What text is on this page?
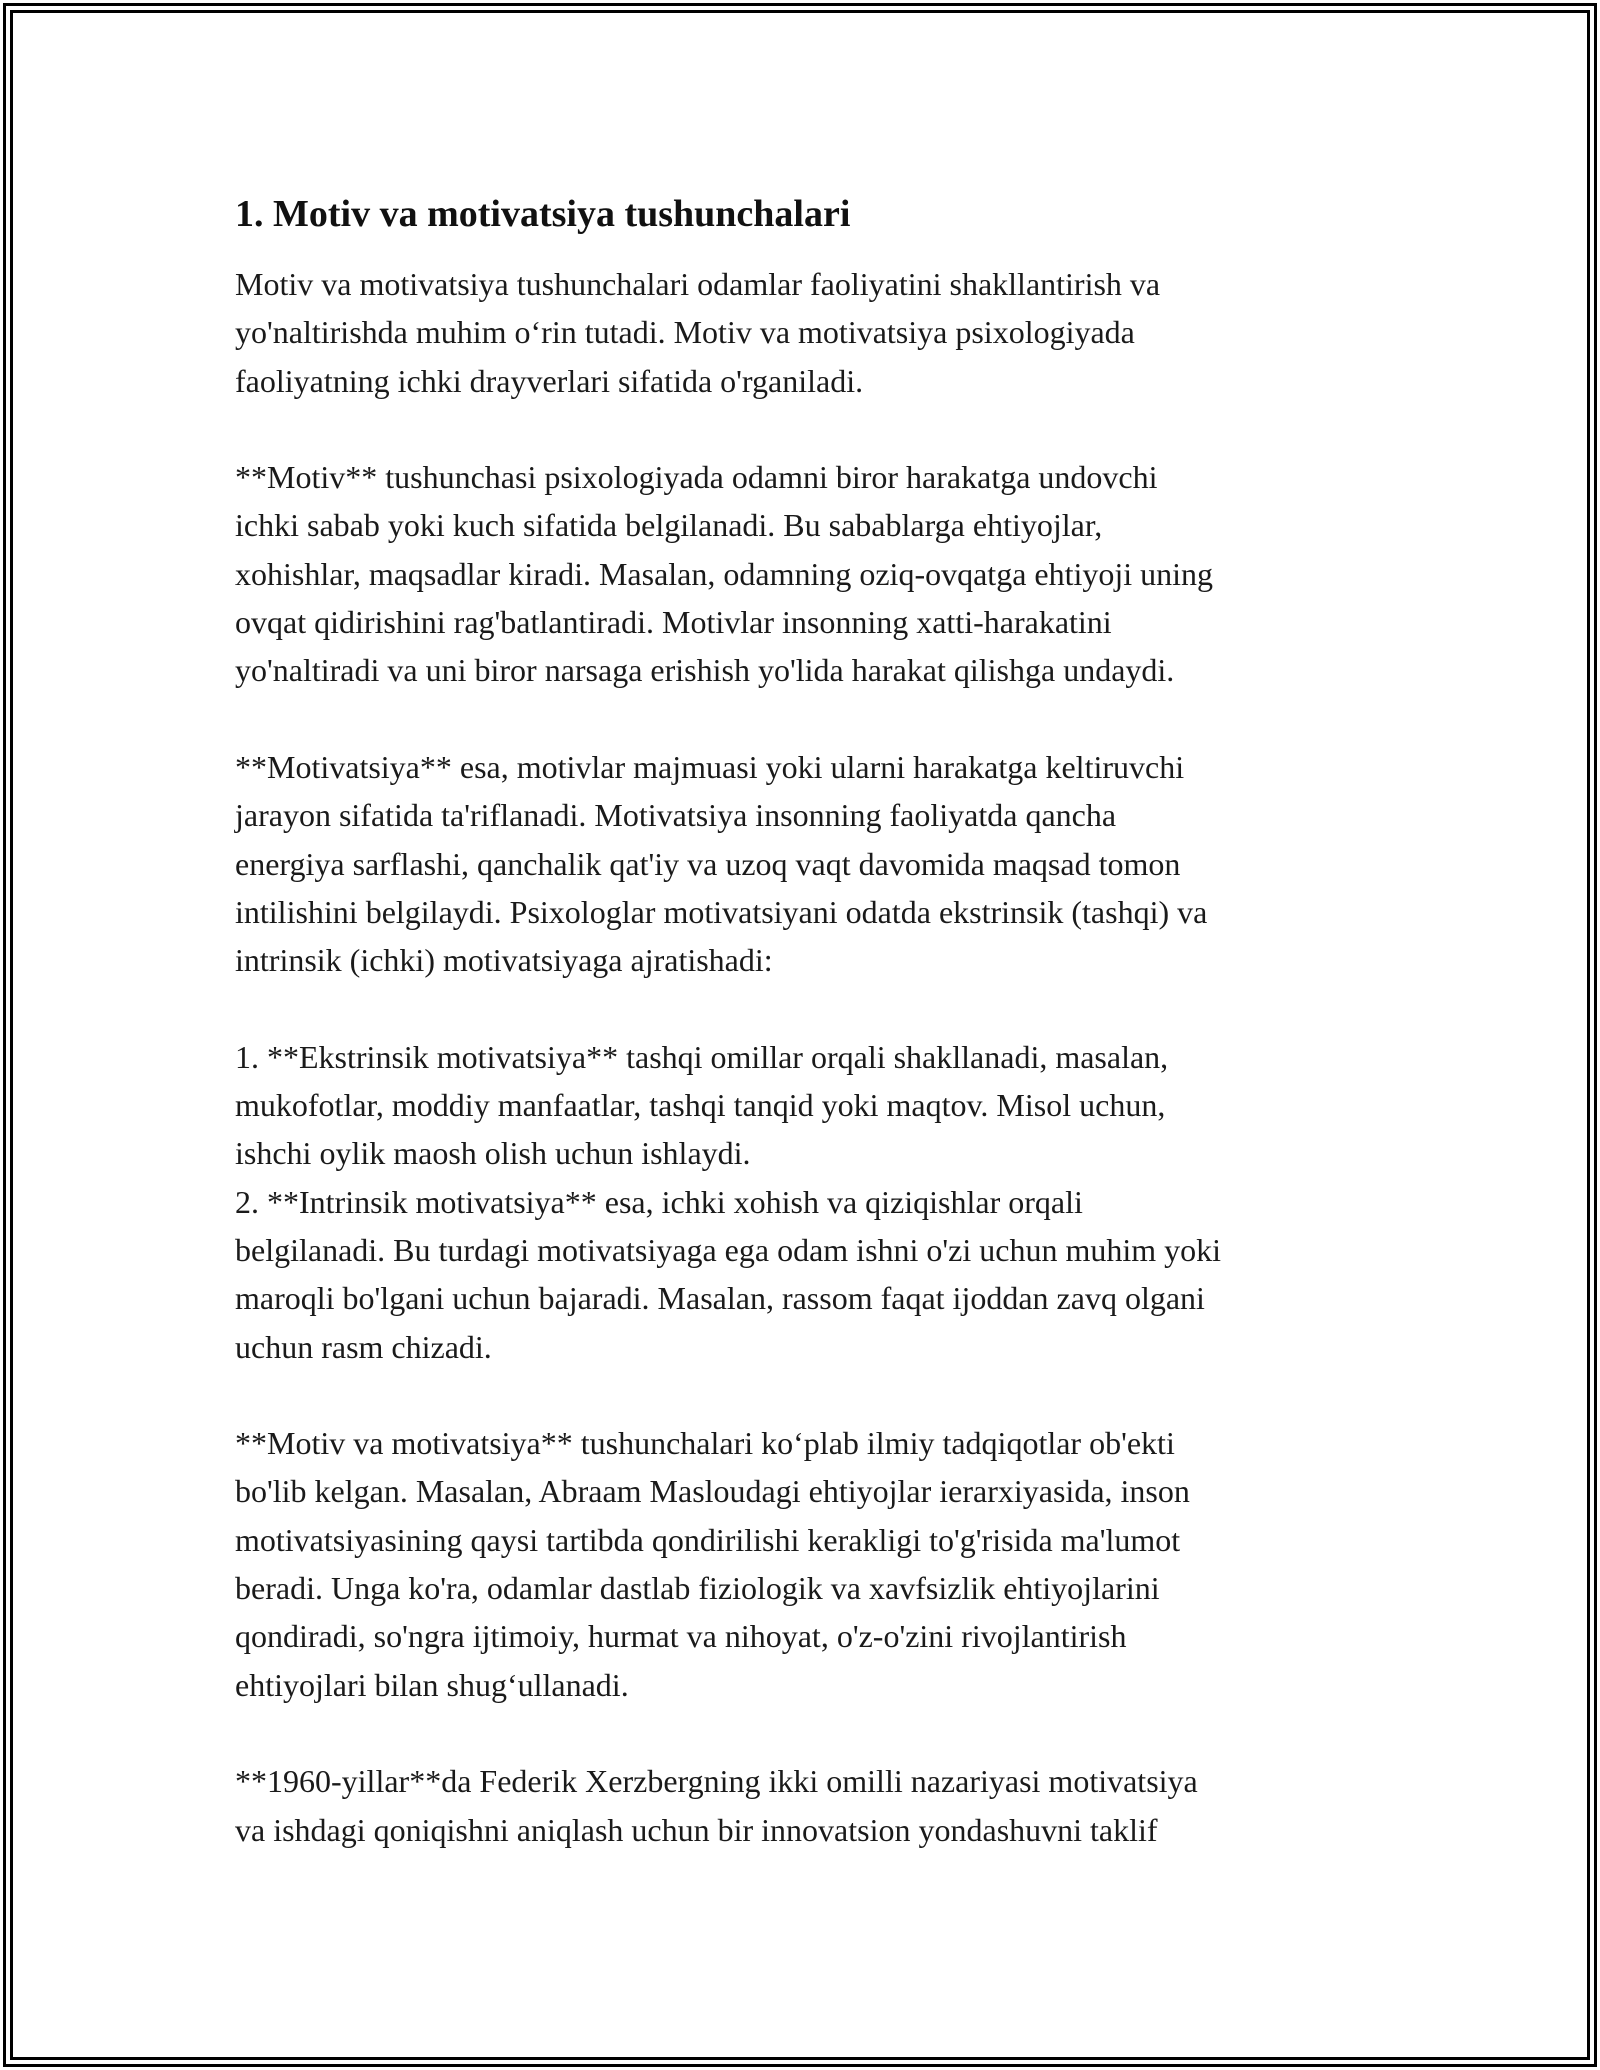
1. Motiv va motivatsiya tushunchalari
Motiv va motivatsiya tushunchalari odamlar faoliyatini shakllantirish va
yo'naltirishda muhim o‘rin tutadi. Motiv va motivatsiya psixologiyada
faoliyatning ichki drayverlari sifatida o'rganiladi.
**Motiv** tushunchasi psixologiyada odamni biror harakatga undovchi
ichki sabab yoki kuch sifatida belgilanadi. Bu sabablarga ehtiyojlar,
xohishlar, maqsadlar kiradi. Masalan, odamning oziq-ovqatga ehtiyoji uning
ovqat qidirishini rag'batlantiradi. Motivlar insonning xatti-harakatini
yo'naltiradi va uni biror narsaga erishish yo'lida harakat qilishga undaydi.
**Motivatsiya** esa, motivlar majmuasi yoki ularni harakatga keltiruvchi
jarayon sifatida ta'riflanadi. Motivatsiya insonning faoliyatda qancha
energiya sarflashi, qanchalik qat'iy va uzoq vaqt davomida maqsad tomon
intilishini belgilaydi. Psixologlar motivatsiyani odatda ekstrinsik (tashqi) va
intrinsik (ichki) motivatsiyaga ajratishadi:
1. **Ekstrinsik motivatsiya** tashqi omillar orqali shakllanadi, masalan,
mukofotlar, moddiy manfaatlar, tashqi tanqid yoki maqtov. Misol uchun,
ishchi oylik maosh olish uchun ishlaydi.
2. **Intrinsik motivatsiya** esa, ichki xohish va qiziqishlar orqali
belgilanadi. Bu turdagi motivatsiyaga ega odam ishni o'zi uchun muhim yoki
maroqli bo'lgani uchun bajaradi. Masalan, rassom faqat ijoddan zavq olgani
uchun rasm chizadi.
**Motiv va motivatsiya** tushunchalari ko‘plab ilmiy tadqiqotlar ob'ekti
bo'lib kelgan. Masalan, Abraam Masloudagi ehtiyojlar ierarxiyasida, inson
motivatsiyasining qaysi tartibda qondirilishi kerakligi to'g'risida ma'lumot
beradi. Unga ko'ra, odamlar dastlab fiziologik va xavfsizlik ehtiyojlarini
qondiradi, so'ngra ijtimoiy, hurmat va nihoyat, o'z-o'zini rivojlantirish
ehtiyojlari bilan shug‘ullanadi.
**1960-yillar**da Federik Xerzbergning ikki omilli nazariyasi motivatsiya
va ishdagi qoniqishni aniqlash uchun bir innovatsion yondashuvni taklif
